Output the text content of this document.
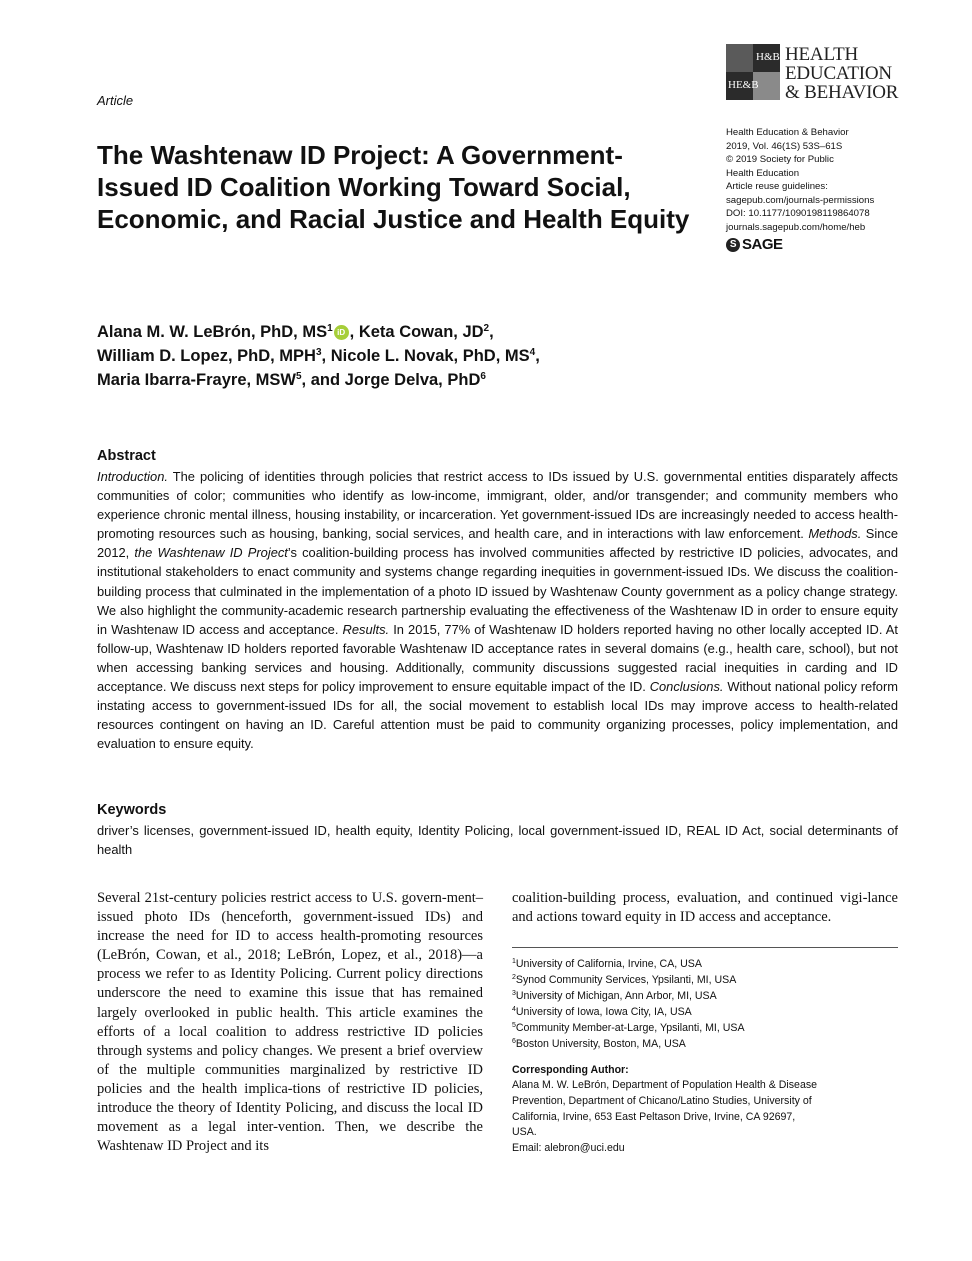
H&B
HE&B
HEALTH
EDUCATION
& BEHAVIOR
Article
The Washtenaw ID Project: A Government-Issued ID Coalition Working Toward Social, Economic, and Racial Justice and Health Equity
Health Education & Behavior
2019, Vol. 46(1S) 53S–61S
© 2019 Society for Public
Health Education
Article reuse guidelines:
sagepub.com/journals-permissions
DOI: 10.1177/1090198119864078
journals.sagepub.com/home/heb
S SAGE
Alana M. W. LeBrón, PhD, $MS^1$ iD , Keta Cowan, $JD^2$,
William D. Lopez, PhD, MPH$^3$, Nicole L. Novak, PhD, $MS^4$,
Maria Ibarra-Frayre, MSW$^5$, and Jorge Delva, PhD$^6$
Abstract

Introduction. The policing of identities through policies that restrict access to IDs issued by U.S. governmental entities disparately affects communities of color; communities who identify as low-income, immigrant, older, and/or transgender; and community members who experience chronic mental illness, housing instability, or incarceration. Yet government-issued IDs are increasingly needed to access health-promoting resources such as housing, banking, social services, and health care, and in interactions with law enforcement. Methods. Since 2012, the Washtenaw ID Project’s coalition-building process has involved communities affected by restrictive ID policies, advocates, and institutional stakeholders to enact community and systems change regarding inequities in government-issued IDs. We discuss the coalition-building process that culminated in the implementation of a photo ID issued by Washtenaw County government as a policy change strategy. We also highlight the community-academic research partnership evaluating the effectiveness of the Washtenaw ID in order to ensure equity in Washtenaw ID access and acceptance. Results. In 2015, 77% of Washtenaw ID holders reported having no other locally accepted ID. At follow-up, Washtenaw ID holders reported favorable Washtenaw ID acceptance rates in several domains (e.g., health care, school), but not when accessing banking services and housing. Additionally, community discussions suggested racial inequities in carding and ID acceptance. We discuss next steps for policy improvement to ensure equitable impact of the ID. Conclusions. Without national policy reform instating access to government-issued IDs for all, the social movement to establish local IDs may improve access to health-related resources contingent on having an ID. Careful attention must be paid to community organizing processes, policy implementation, and evaluation to ensure equity.

Keywords

driver’s licenses, government-issued ID, health equity, Identity Policing, local government-issued ID, REAL ID Act, social determinants of health

Several 21st-century policies restrict access to U.S. govern-ment–issued photo IDs (henceforth, government-issued IDs) and increase the need for ID to access health-promoting resources (LeBrón, Cowan, et al., 2018; LeBrón, Lopez, et al., 2018)—a process we refer to as Identity Policing. Current policy directions underscore the need to examine this issue that has remained largely overlooked in public health. This article examines the efforts of a local coalition to address restrictive ID policies through systems and policy changes. We present a brief overview of the multiple communities marginalized by restrictive ID policies and the health implica-tions of restrictive ID policies, introduce the theory of Identity Policing, and discuss the local ID movement as a legal inter-vention. Then, we describe the Washtenaw ID Project and its

coalition-building process, evaluation, and continued vigi-lance and actions toward equity in ID access and acceptance.

$^1$University of California, Irvine, CA, USA
$^2$Synod Community Services, Ypsilanti, MI, USA
$^3$University of Michigan, Ann Arbor, MI, USA
$^4$University of Iowa, Iowa City, IA, USA
$^5$Community Member-at-Large, Ypsilanti, MI, USA
$^6$Boston University, Boston, MA, USA
Corresponding Author:
Alana M. W. LeBrón, Department of Population Health & Disease
Prevention, Department of Chicano/Latino Studies, University of
California, Irvine, 653 East Peltason Drive, Irvine, CA 92697,
USA.
Email: alebron@uci.edu
